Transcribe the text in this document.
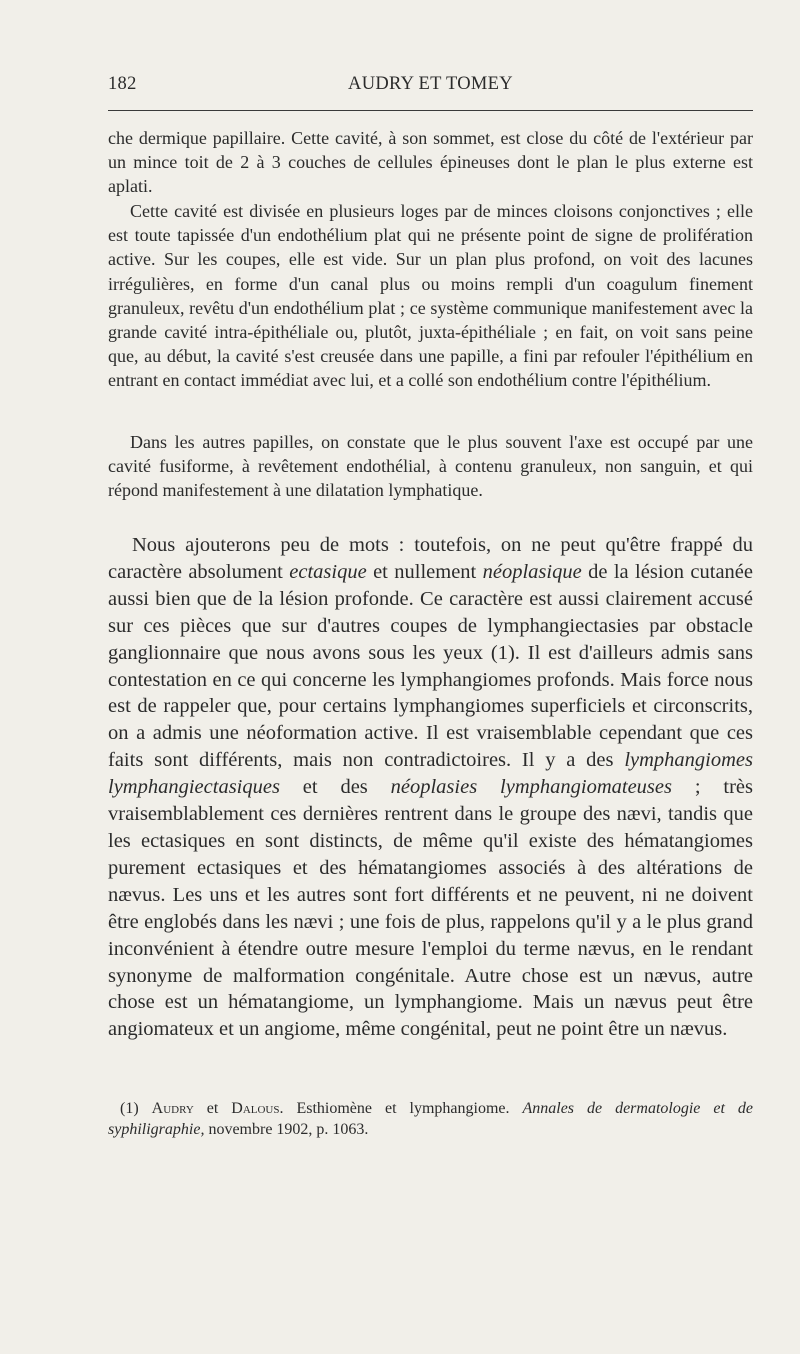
182	AUDRY ET TOMEY

che dermique papillaire. Cette cavité, à son sommet, est close du côté de l'extérieur par un mince toit de 2 à 3 couches de cellules épineuses dont le plan le plus externe est aplati.

Cette cavité est divisée en plusieurs loges par de minces cloisons conjonctives ; elle est toute tapissée d'un endothélium plat qui ne présente point de signe de prolifération active. Sur les coupes, elle est vide. Sur un plan plus profond, on voit des lacunes irrégulières, en forme d'un canal plus ou moins rempli d'un coagulum finement granuleux, revêtu d'un endothélium plat ; ce système communique manifestement avec la grande cavité intra-épithéliale ou, plutôt, juxta-épithéliale ; en fait, on voit sans peine que, au début, la cavité s'est creusée dans une papille, a fini par refouler l'épithélium en entrant en contact immédiat avec lui, et a collé son endothélium contre l'épithélium.

Dans les autres papilles, on constate que le plus souvent l'axe est occupé par une cavité fusiforme, à revêtement endothélial, à contenu granuleux, non sanguin, et qui répond manifestement à une dilatation lymphatique.

Nous ajouterons peu de mots : toutefois, on ne peut qu'être frappé du caractère absolument ectasique et nullement néoplasique de la lésion cutanée aussi bien que de la lésion profonde. Ce caractère est aussi clairement accusé sur ces pièces que sur d'autres coupes de lymphangiectasies par obstacle ganglionnaire que nous avons sous les yeux (1). Il est d'ailleurs admis sans contestation en ce qui concerne les lymphangiomes profonds. Mais force nous est de rappeler que, pour certains lymphangiomes superficiels et circonscrits, on a admis une néoformation active. Il est vraisemblable cependant que ces faits sont différents, mais non contradictoires. Il y a des lymphangiomes lymphangiectasiques et des néoplasies lymphangiomateuses ; très vraisemblablement ces dernières rentrent dans le groupe des nævi, tandis que les ectasiques en sont distincts, de même qu'il existe des hématangiomes purement ectasiques et des hématangiomes associés à des altérations de nævus. Les uns et les autres sont fort différents et ne peuvent, ni ne doivent être englobés dans les nævi ; une fois de plus, rappelons qu'il y a le plus grand inconvénient à étendre outre mesure l'emploi du terme nævus, en le rendant synonyme de malformation congénitale. Autre chose est un nævus, autre chose est un hématangiome, un lymphangiome. Mais un nævus peut être angiomateux et un angiome, même congénital, peut ne point être un nævus.

(1) Audry et Dalous. Esthiomène et lymphangiome. Annales de dermatologie et de syphiligraphie, novembre 1902, p. 1063.
